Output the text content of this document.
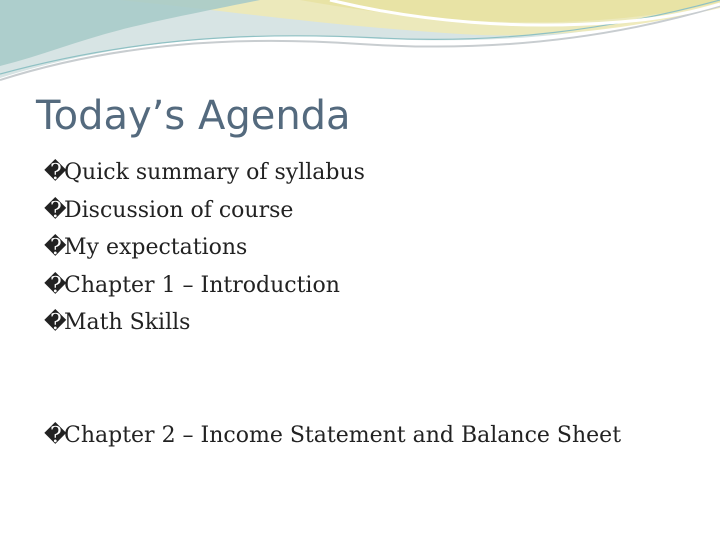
Today’s Agenda
�Quick summary of syllabus
�Discussion of course
�My expectations
�Chapter 1 – Introduction
�Math Skills
�Chapter 2 – Income Statement and Balance Sheet
